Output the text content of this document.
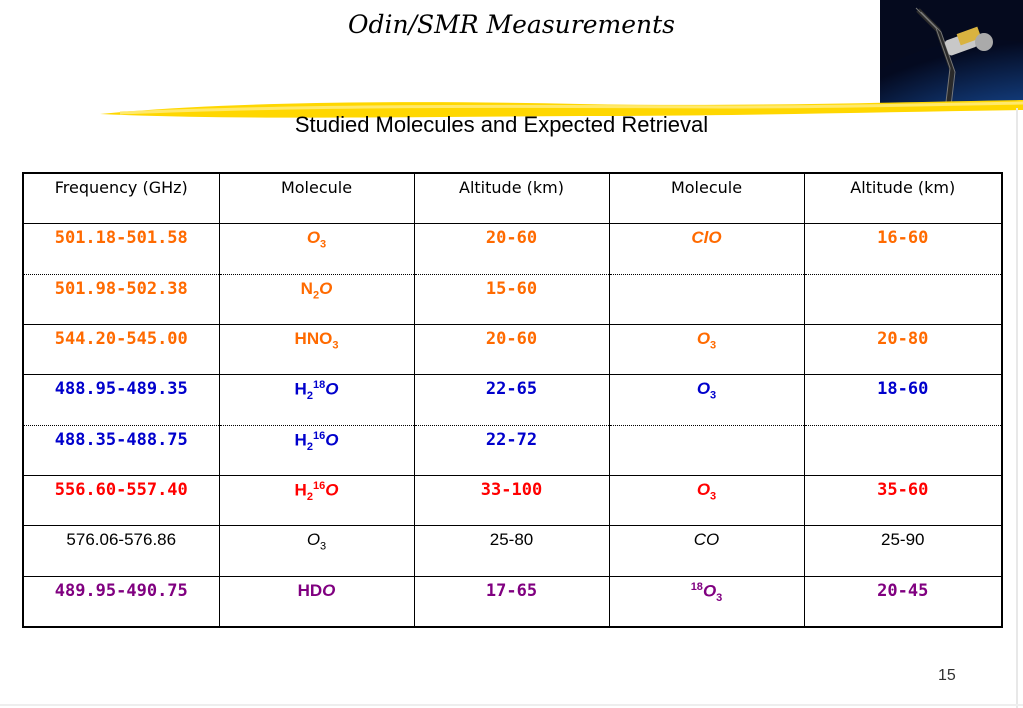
Odin/SMR Measurements
Studied Molecules and Expected Retrieval
Frequency (GHz)	Molecule	Altitude (km)	Molecule	Altitude (km)
501.18-501.58	$O_3$	20-60	ClO	16-60
501.98-502.38	$N_2O$	15-60		
544.20-545.00	$HNO_3$	20-60	$O_3$	20-80
488.95-489.35	$H_2^{18}O$	22-65	$O_3$	18-60
488.35-488.75	$H_2^{16}O$	22-72		
556.60-557.40	$H_2^{16}O$	33-100	$O_3$	35-60
576.06-576.86	$O_3$	25-80	CO	25-90
489.95-490.75	HDO	17-65	$^{18}O_3$	20-45
15
